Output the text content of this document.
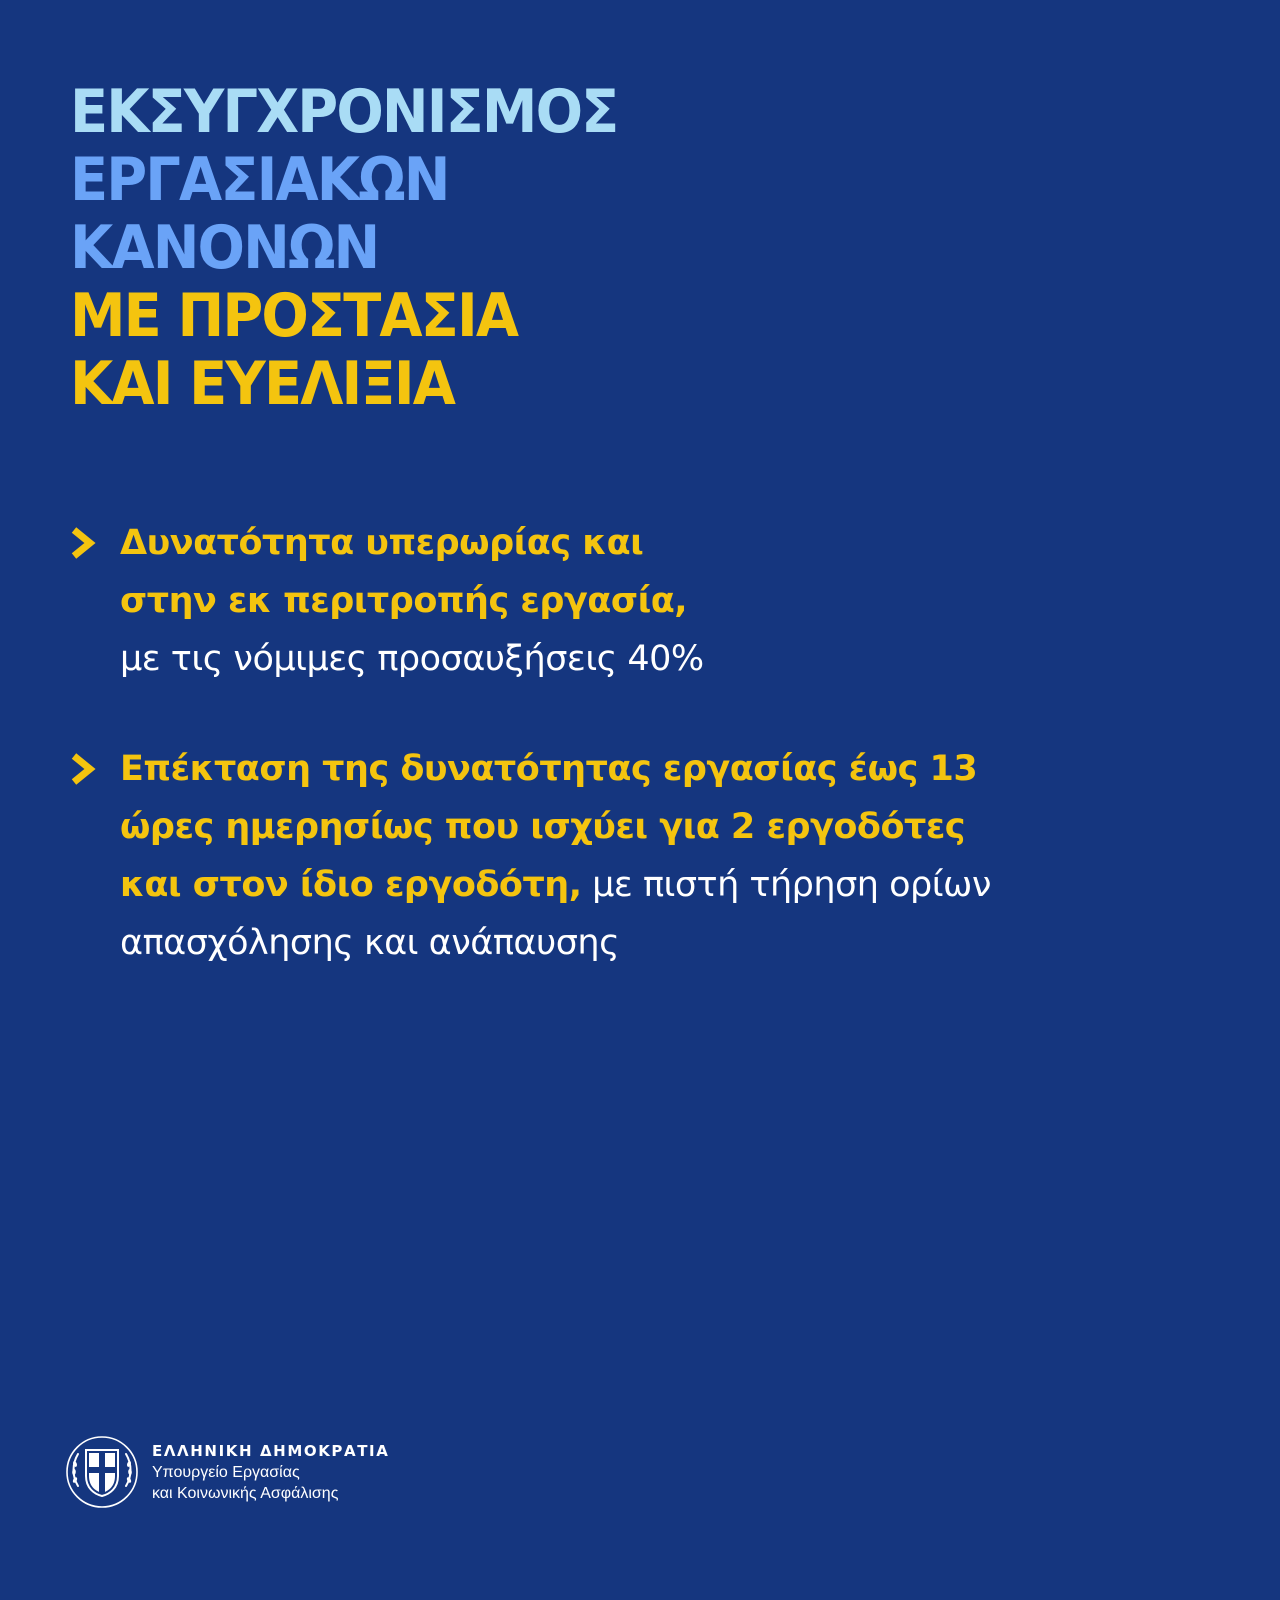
ΕΚΣΥΓΧΡΟΝΙΣΜΟΣ
ΕΡΓΑΣΙΑΚΩΝ
ΚΑΝΟΝΩΝ
ΜΕ ΠΡΟΣΤΑΣΙΑ
ΚΑΙ ΕΥΕΛΙΞΙΑ
Δυνατότητα υπερωρίας και
στην εκ περιτροπής εργασία,
με τις νόμιμες προσαυξήσεις 40%
Επέκταση της δυνατότητας εργασίας έως 13
ώρες ημερησίως που ισχύει για 2 εργοδότες
και στον ίδιο εργοδότη, με πιστή τήρηση ορίων
απασχόλησης και ανάπαυσης
ΕΛΛΗΝΙΚΗ ΔΗΜΟΚΡΑΤΙΑ
Υπουργείο Εργασίας
και Κοινωνικής Ασφάλισης
